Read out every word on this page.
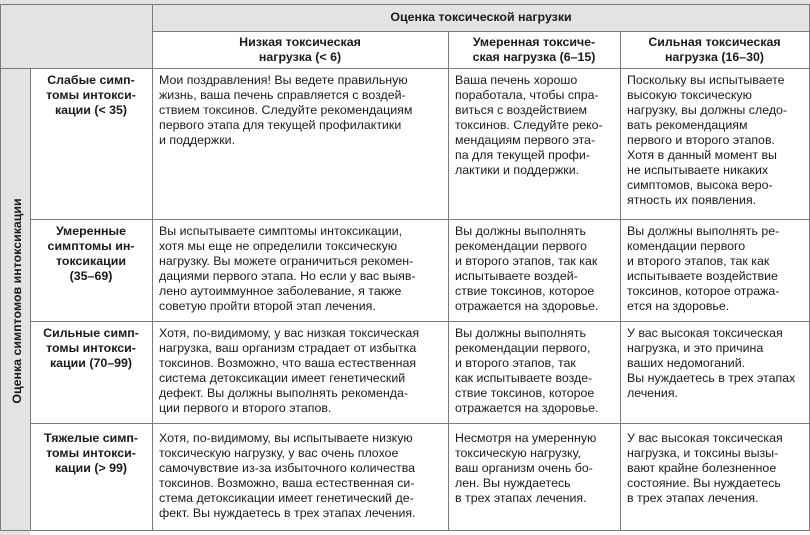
Оценка токсической нагрузки

Низкая токсическая

нагрузка (< 6)

Умеренная токсиче-

ская нагрузка (6–15)

Сильная токсическая

нагрузка (16–30)

Оценка симптомов интоксикации

Слабые симп-

томы интокси-

кации (< 35)

Мои поздравления! Вы ведете правильную

жизнь, ваша печень справляется с воздей-

ствием токсинов. Следуйте рекомендациям

первого этапа для текущей профилактики

и поддержки.

Ваша печень хорошо

поработала, чтобы спра-

виться с воздействием

токсинов. Следуйте реко-

мендациям первого эта-

па для текущей профи-

лактики и поддержки.

Поскольку вы испытываете

высокую токсическую

нагрузку, вы должны следо-

вать рекомендациям

первого и второго этапов.

Хотя в данный момент вы

не испытываете никаких

симптомов, высока веро-

ятность их появления.

Умеренные

симптомы ин-

токсикации

(35–69)

Вы испытываете симптомы интоксикации,

хотя мы еще не определили токсическую

нагрузку. Вы можете ограничиться рекомен-

дациями первого этапа. Но если у вас выяв-

лено аутоиммунное заболевание, я также

советую пройти второй этап лечения.

Вы должны выполнять

рекомендации первого

и второго этапов, так как

испытываете воздей-

ствие токсинов, которое

отражается на здоровье.

Вы должны выполнять ре-

комендации первого

и второго этапов, так как

испытываете воздействие

токсинов, которое отража-

ется на здоровье.

Сильные симп-

томы интокси-

кации (70–99)

Хотя, по-видимому, у вас низкая токсическая

нагрузка, ваш организм страдает от избытка

токсинов. Возможно, что ваша естественная

система детоксикации имеет генетический

дефект. Вы должны выполнять рекоменда-

ции первого и второго этапов.

Вы должны выполнять

рекомендации первого,

и второго этапов, так

как испытываете возде-

ствие токсинов, которое

отражается на здоровье.

У вас высокая токсическая

нагрузка, и это причина

ваших недомоганий.

Вы нуждаетесь в трех этапах

лечения.

Тяжелые симп-

томы интокси-

кации (> 99)

Хотя, по-видимому, вы испытываете низкую

токсическую нагрузку, у вас очень плохое

самочувствие из-за избыточного количества

токсинов. Возможно, ваша естественная си-

стема детоксикации имеет генетический де-

фект. Вы нуждаетесь в трех этапах лечения.

Несмотря на умеренную

токсическую нагрузку,

ваш организм очень бо-

лен. Вы нуждаетесь

в трех этапах лечения.

У вас высокая токсическая

нагрузка, и токсины вызы-

вают крайне болезненное

состояние. Вы нуждаетесь

в трех этапах лечения.
